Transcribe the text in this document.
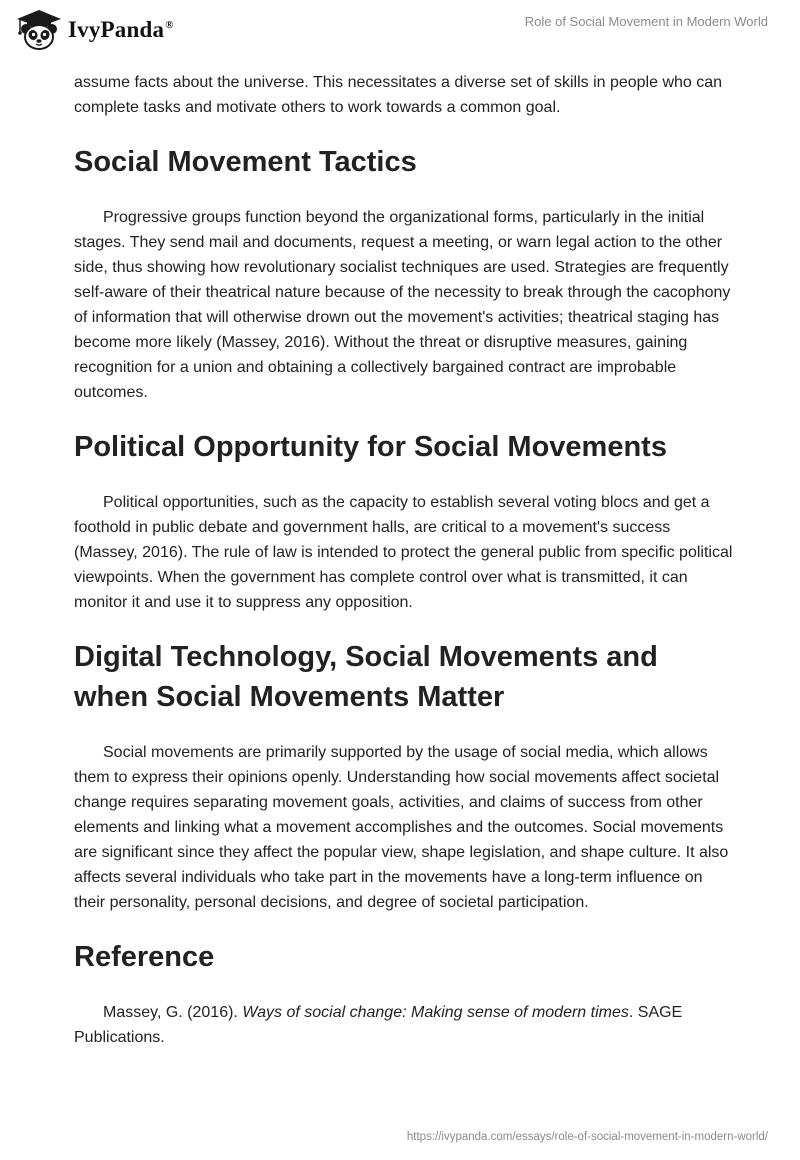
IvyPanda®	Role of Social Movement in Modern World

assume facts about the universe. This necessitates a diverse set of skills in people who can complete tasks and motivate others to work towards a common goal.

Social Movement Tactics

Progressive groups function beyond the organizational forms, particularly in the initial stages. They send mail and documents, request a meeting, or warn legal action to the other side, thus showing how revolutionary socialist techniques are used. Strategies are frequently self-aware of their theatrical nature because of the necessity to break through the cacophony of information that will otherwise drown out the movement's activities; theatrical staging has become more likely (Massey, 2016). Without the threat or disruptive measures, gaining recognition for a union and obtaining a collectively bargained contract are improbable outcomes.

Political Opportunity for Social Movements

Political opportunities, such as the capacity to establish several voting blocs and get a foothold in public debate and government halls, are critical to a movement's success (Massey, 2016). The rule of law is intended to protect the general public from specific political viewpoints. When the government has complete control over what is transmitted, it can monitor it and use it to suppress any opposition.

Digital Technology, Social Movements and when Social Movements Matter

Social movements are primarily supported by the usage of social media, which allows them to express their opinions openly. Understanding how social movements affect societal change requires separating movement goals, activities, and claims of success from other elements and linking what a movement accomplishes and the outcomes. Social movements are significant since they affect the popular view, shape legislation, and shape culture. It also affects several individuals who take part in the movements have a long-term influence on their personality, personal decisions, and degree of societal participation.

Reference

Massey, G. (2016). Ways of social change: Making sense of modern times. SAGE Publications.

https://ivypanda.com/essays/role-of-social-movement-in-modern-world/
